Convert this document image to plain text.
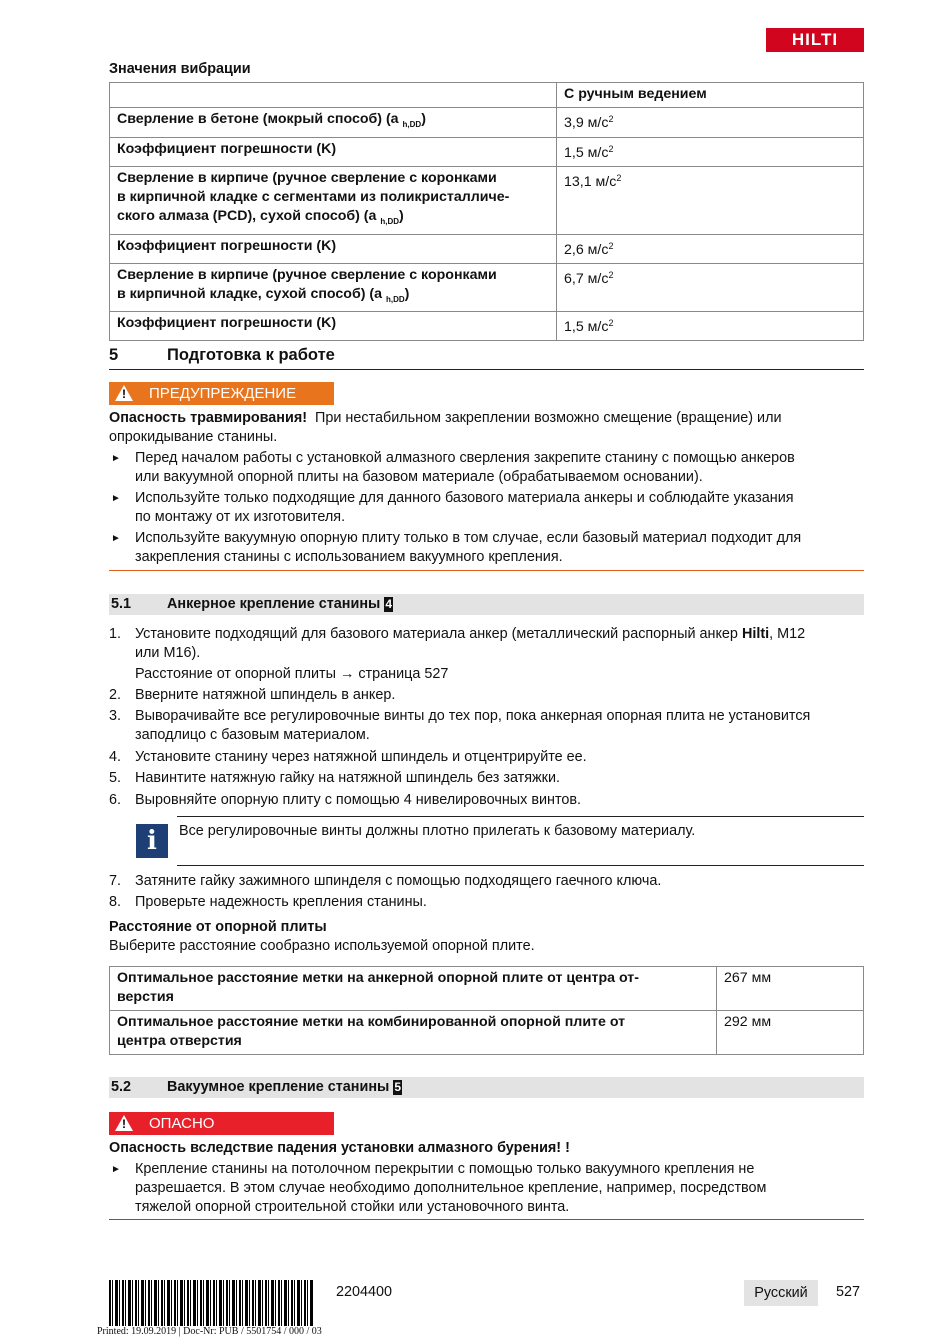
HILTI
Значения вибрации
	С ручным ведением
Сверление в бетоне (мокрый способ) (a $_{h,DD}$)	3,9 $м/с^2$
Коэффициент погрешности (K)	1,5 $м/с^2$

Сверление в кирпиче (ручное сверление с коронками
в кирпичной кладке с сегментами из поликристалличе-
ского алмаза (PCD), сухой способ) (a $_{h,DD}$)	13,1 $м/с^2$
Коэффициент погрешности (K)	2,6 $м/с^2$

Сверление в кирпиче (ручное сверление с коронками
в кирпичной кладке, сухой способ) (a $_{h,DD}$)	6,7 $м/с^2$
Коэффициент погрешности (K)	1,5 $м/с^2$
5	Подготовка к работе
! ПРЕДУПРЕЖДЕНИЕ
Опасность травмирования! При нестабильном закреплении возможно смещение (вращение) или
опрокидывание станины.
► Перед началом работы с установкой алмазного сверления закрепите станину с помощью анкеров
или вакуумной опорной плиты на базовом материале (обрабатываемом основании).
► Используйте только подходящие для данного базового материала анкеры и соблюдайте указания
по монтажу от их изготовителя.
► Используйте вакуумную опорную плиту только в том случае, если базовый материал подходит для
закрепления станины с использованием вакуумного крепления.
5.1 Анкерное крепление станины 4
1. Установите подходящий для базового материала анкер (металлический распорный анкер Hilti, M12
или M16).
Расстояние от опорной плиты → страница 527
2. Вверните натяжной шпиндель в анкер.
3. Выворачивайте все регулировочные винты до тех пор, пока анкерная опорная плита не установится
заподлицо с базовым материалом.
4. Установите станину через натяжной шпиндель и отцентрируйте ее.
5. Навинтите натяжную гайку на натяжной шпиндель без затяжки.
6. Выровняйте опорную плиту с помощью 4 нивелировочных винтов.
i	Все регулировочные винты должны плотно прилегать к базовому материалу.
7. Затяните гайку зажимного шпинделя с помощью подходящего гаечного ключа.
8. Проверьте надежность крепления станины.
Расстояние от опорной плиты
Выберите расстояние сообразно используемой опорной плите.
Оптимальное расстояние метки на анкерной опорной плите от центра от-
верстия	267 мм

Оптимальное расстояние метки на комбинированной опорной плите от
центра отверстия	292 мм
5.2 Вакуумное крепление станины 5
! ОПАСНО
Опасность вследствие падения установки алмазного бурения! !
► Крепление станины на потолочном перекрытии с помощью только вакуумного крепления не
разрешается. В этом случае необходимо дополнительное крепление, например, посредством
тяжелой опорной строительной стойки или установочного винта.
2204400	Русский	527
Printed: 19.09.2019 | Doc-Nr: PUB / 5501754 / 000 / 03
